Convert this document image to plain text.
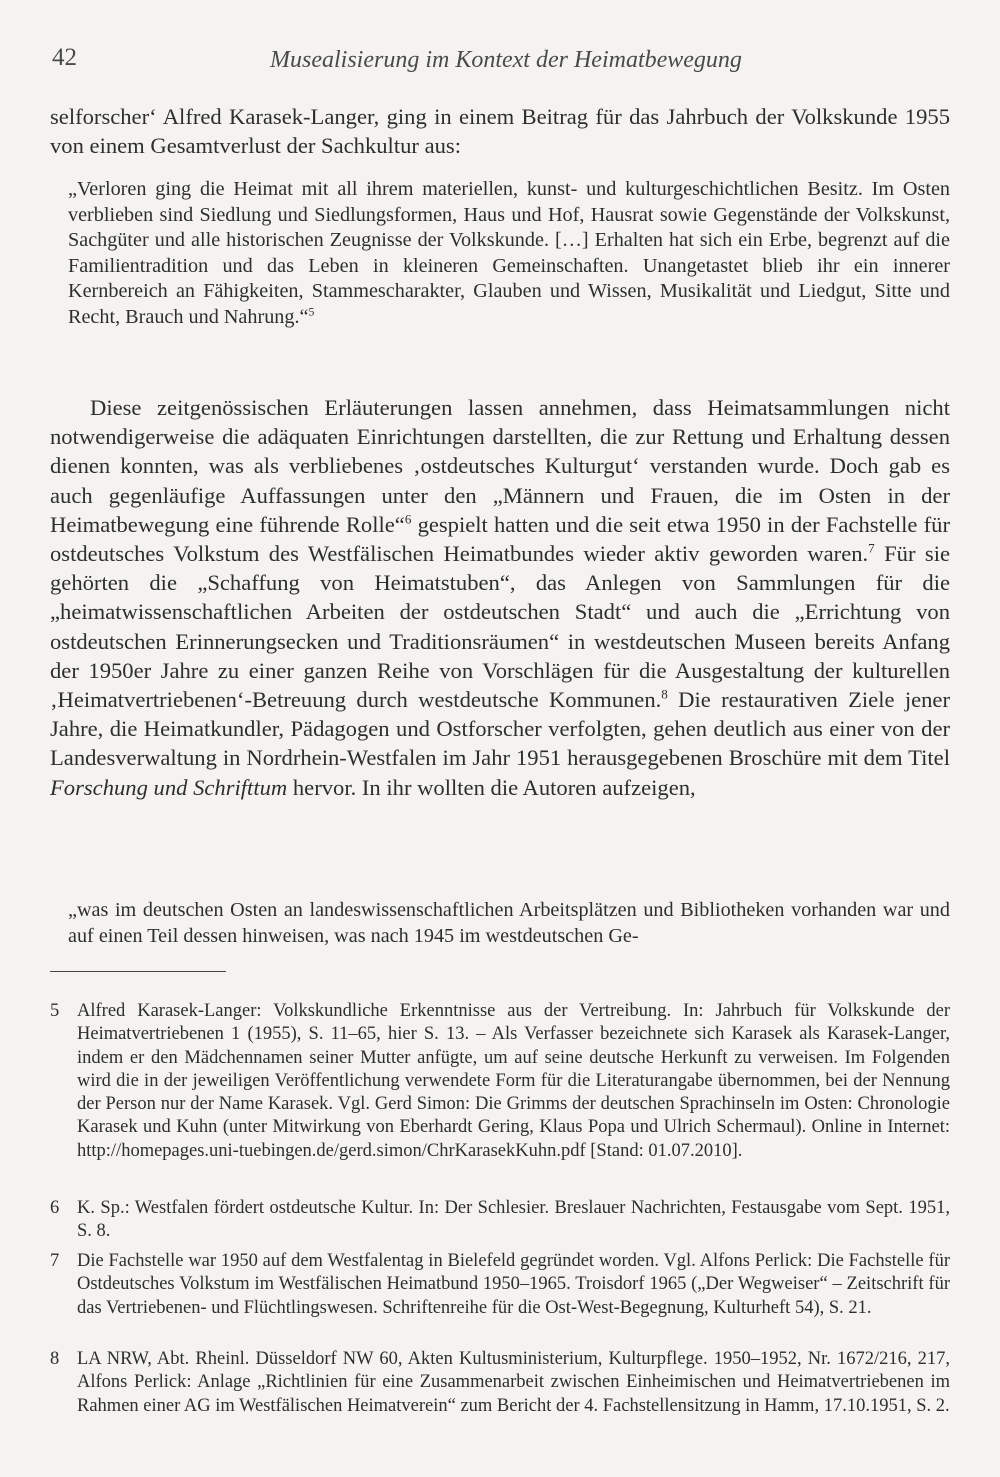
42	Musealisierung im Kontext der Heimatbewegung

selforscher‘ Alfred Karasek-Langer, ging in einem Beitrag für das Jahrbuch der Volkskunde 1955 von einem Gesamtverlust der Sachkultur aus:

„Verloren ging die Heimat mit all ihrem materiellen, kunst- und kulturgeschichtlichen Besitz. Im Osten verblieben sind Siedlung und Siedlungsformen, Haus und Hof, Hausrat sowie Gegenstände der Volkskunst, Sachgüter und alle historischen Zeugnisse der Volkskunde. […] Erhalten hat sich ein Erbe, begrenzt auf die Familientradition und das Leben in kleineren Gemeinschaften. Unangetastet blieb ihr ein innerer Kernbereich an Fähigkeiten, Stammescharakter, Glauben und Wissen, Musikalität und Liedgut, Sitte und Recht, Brauch und Nahrung.“$^5$

Diese zeitgenössischen Erläuterungen lassen annehmen, dass Heimatsammlungen nicht notwendigerweise die adäquaten Einrichtungen darstellten, die zur Rettung und Erhaltung dessen dienen konnten, was als verbliebenes ‚ostdeutsches Kulturgut‘ verstanden wurde. Doch gab es auch gegenläufige Auffassungen unter den „Männern und Frauen, die im Osten in der Heimatbewegung eine führende Rolle“$^6$ gespielt hatten und die seit etwa 1950 in der Fachstelle für ostdeutsches Volkstum des Westfälischen Heimatbundes wieder aktiv geworden waren.$^7$ Für sie gehörten die „Schaffung von Heimatstuben“, das Anlegen von Sammlungen für die „heimatwissenschaftlichen Arbeiten der ostdeutschen Stadt“ und auch die „Errichtung von ostdeutschen Erinnerungsecken und Traditionsräumen“ in westdeutschen Museen bereits Anfang der 1950er Jahre zu einer ganzen Reihe von Vorschlägen für die Ausgestaltung der kulturellen ‚Heimatvertriebenen‘-Betreuung durch westdeutsche Kommunen.$^8$ Die restaurativen Ziele jener Jahre, die Heimatkundler, Pädagogen und Ostforscher verfolgten, gehen deutlich aus einer von der Landesverwaltung in Nordrhein-Westfalen im Jahr 1951 herausgegebenen Broschüre mit dem Titel Forschung und Schrifttum hervor. In ihr wollten die Autoren aufzeigen,

„was im deutschen Osten an landeswissenschaftlichen Arbeitsplätzen und Bibliotheken vorhanden war und auf einen Teil dessen hinweisen, was nach 1945 im westdeutschen Ge-

5 Alfred Karasek-Langer: Volkskundliche Erkenntnisse aus der Vertreibung. In: Jahrbuch für Volkskunde der Heimatvertriebenen 1 (1955), S. 11–65, hier S. 13. – Als Verfasser bezeichnete sich Karasek als Karasek-Langer, indem er den Mädchennamen seiner Mutter anfügte, um auf seine deutsche Herkunft zu verweisen. Im Folgenden wird die in der jeweiligen Veröffentlichung verwendete Form für die Literaturangabe übernommen, bei der Nennung der Person nur der Name Karasek. Vgl. Gerd Simon: Die Grimms der deutschen Sprachinseln im Osten: Chronologie Karasek und Kuhn (unter Mitwirkung von Eberhardt Gering, Klaus Popa und Ulrich Schermaul). Online in Internet: http://homepages.uni-tuebingen.de/gerd.simon/ChrKarasekKuhn.pdf [Stand: 01.07.2010].
6 K. Sp.: Westfalen fördert ostdeutsche Kultur. In: Der Schlesier. Breslauer Nachrichten, Festausgabe vom Sept. 1951, S. 8.
7 Die Fachstelle war 1950 auf dem Westfalentag in Bielefeld gegründet worden. Vgl. Alfons Perlick: Die Fachstelle für Ostdeutsches Volkstum im Westfälischen Heimatbund 1950–1965. Troisdorf 1965 („Der Wegweiser“ – Zeitschrift für das Vertriebenen- und Flüchtlingswesen. Schriftenreihe für die Ost-West-Begegnung, Kulturheft 54), S. 21.
8 LA NRW, Abt. Rheinl. Düsseldorf NW 60, Akten Kultusministerium, Kulturpflege. 1950–1952, Nr. 1672/216, 217, Alfons Perlick: Anlage „Richtlinien für eine Zusammenarbeit zwischen Einheimischen und Heimatvertriebenen im Rahmen einer AG im Westfälischen Heimatverein“ zum Bericht der 4. Fachstellensitzung in Hamm, 17.10.1951, S. 2.
